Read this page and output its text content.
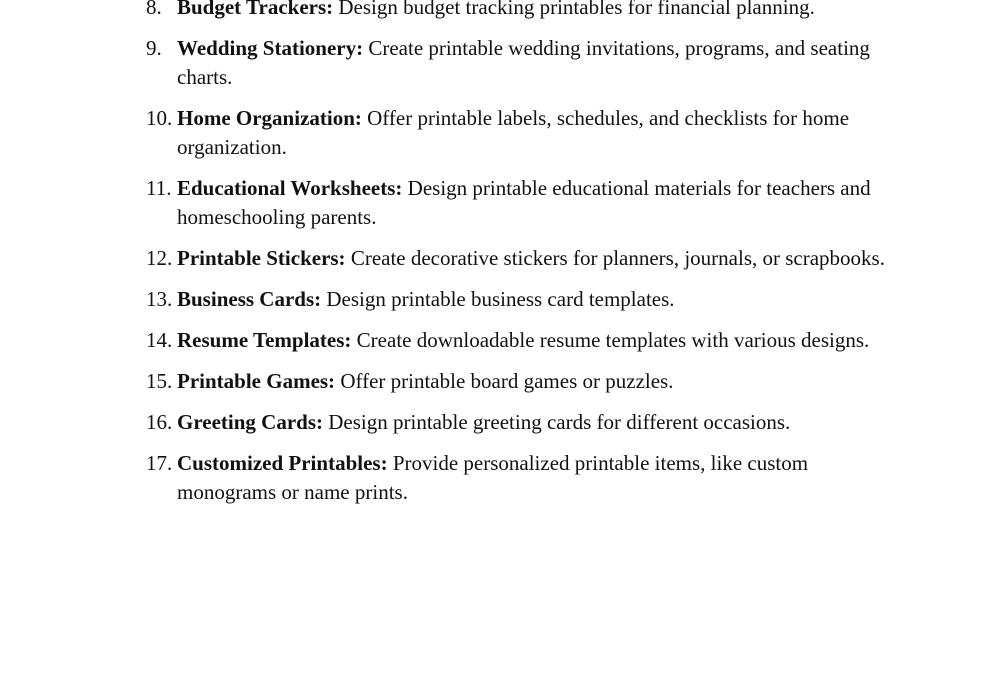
8. Budget Trackers: Design budget tracking printables for financial planning.
9. Wedding Stationery: Create printable wedding invitations, programs, and seating charts.
10. Home Organization: Offer printable labels, schedules, and checklists for home organization.
11. Educational Worksheets: Design printable educational materials for teachers and homeschooling parents.
12. Printable Stickers: Create decorative stickers for planners, journals, or scrapbooks.
13. Business Cards: Design printable business card templates.
14. Resume Templates: Create downloadable resume templates with various designs.
15. Printable Games: Offer printable board games or puzzles.
16. Greeting Cards: Design printable greeting cards for different occasions.
17. Customized Printables: Provide personalized printable items, like custom monograms or name prints.
